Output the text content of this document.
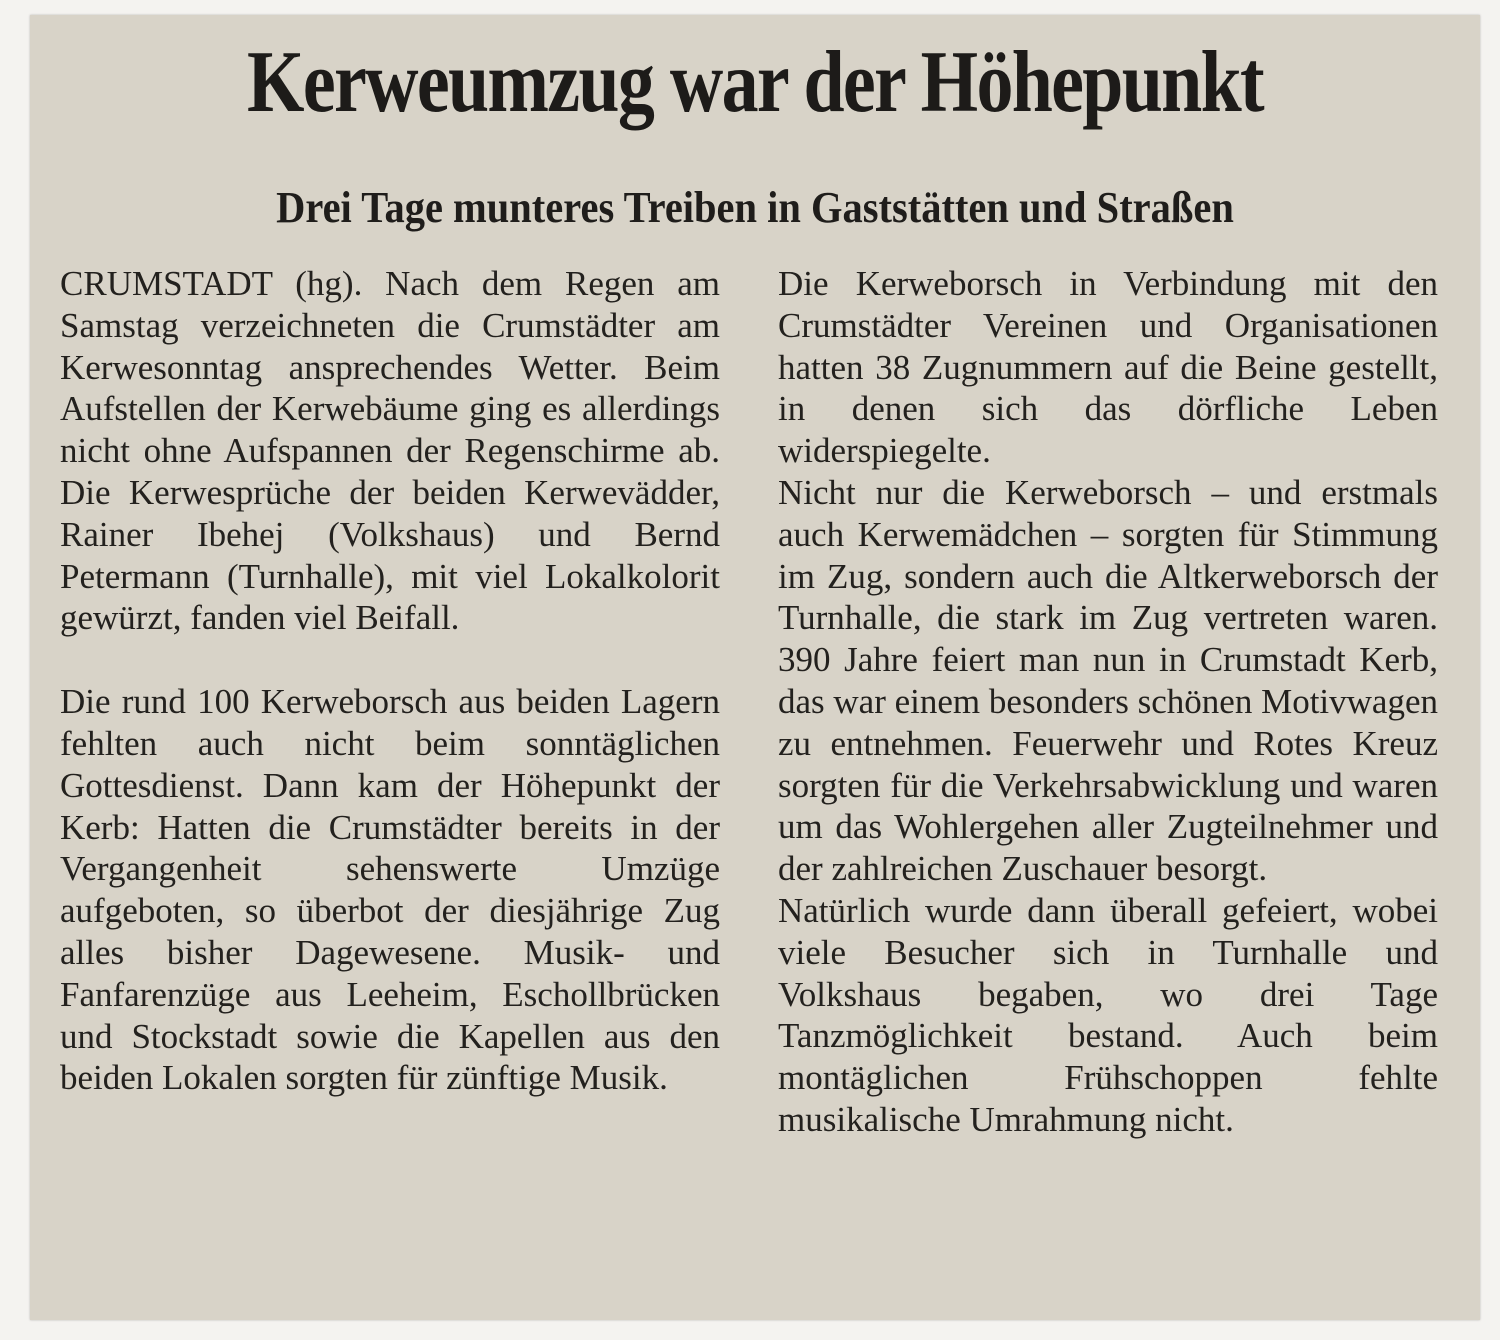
Kerweumzug war der Höhepunkt
Drei Tage munteres Treiben in Gaststätten und Straßen

CRUMSTADT (hg). Nach dem Regen am Samstag verzeichneten die Crumstädter am Kerwesonntag ansprechendes Wetter. Beim Aufstellen der Kerwebäume ging es allerdings nicht ohne Aufspannen der Regenschirme ab. Die Kerwesprüche der beiden Kerwevädder, Rainer Ibehej (Volkshaus) und Bernd Petermann (Turnhalle), mit viel Lokalkolorit gewürzt, fanden viel Beifall.

Die rund 100 Kerweborsch aus beiden Lagern fehlten auch nicht beim sonntäglichen Gottesdienst. Dann kam der Höhepunkt der Kerb: Hatten die Crumstädter bereits in der Vergangenheit sehenswerte Umzüge aufgeboten, so überbot der diesjährige Zug alles bisher Dagewesene. Musik- und Fanfarenzüge aus Leeheim, Eschollbrücken und Stockstadt sowie die Kapellen aus den beiden Lokalen sorgten für zünftige Musik.

Die Kerweborsch in Verbindung mit den Crumstädter Vereinen und Organisationen hatten 38 Zugnummern auf die Beine gestellt, in denen sich das dörfliche Leben widerspiegelte.

Nicht nur die Kerweborsch – und erstmals auch Kerwemädchen – sorgten für Stimmung im Zug, sondern auch die Altkerweborsch der Turnhalle, die stark im Zug vertreten waren. 390 Jahre feiert man nun in Crumstadt Kerb, das war einem besonders schönen Motivwagen zu entnehmen. Feuerwehr und Rotes Kreuz sorgten für die Verkehrsabwicklung und waren um das Wohlergehen aller Zugteilnehmer und der zahlreichen Zuschauer besorgt.

Natürlich wurde dann überall gefeiert, wobei viele Besucher sich in Turnhalle und Volkshaus begaben, wo drei Tage Tanzmöglichkeit bestand. Auch beim montäglichen Frühschoppen fehlte musikalische Umrahmung nicht.
